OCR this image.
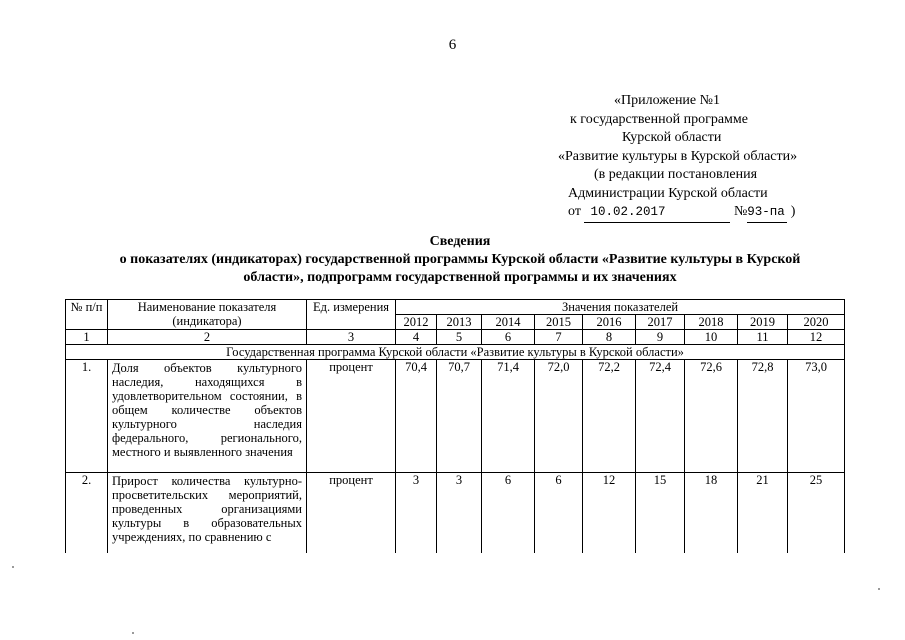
6
«Приложение №1
к государственной программе
Курской области
«Развитие культуры в Курской области»
(в редакции постановления
Администрации Курской области
от 10.02.2017	№93-па )
Сведения
о показателях (индикаторах) государственной программы Курской области «Развитие культуры в Курской области», подпрограмм государственной программы и их значениях
№ п/п	Наименование показателя (индикатора)	Ед. измерения	Значения показателей								
			2012	2013	2014	2015	2016	2017	2018	2019	2020
1	2	3	4	5	6	7	8	9	10	11	12
Государственная программа Курской области «Развитие культуры в Курской области»											
1.	Доля объектов культурного наследия, находящихся в удовлетворительном состоянии, в общем количестве объектов культурного наследия федерального, регионального, местного и выявленного значения	процент	70,4	70,7	71,4	72,0	72,2	72,4	72,6	72,8	73,0
2.	Прирост количества культурно-просветительских мероприятий, проведенных организациями культуры в образовательных учреждениях, по сравнению с	процент	3	3	6	6	12	15	18	21	25
